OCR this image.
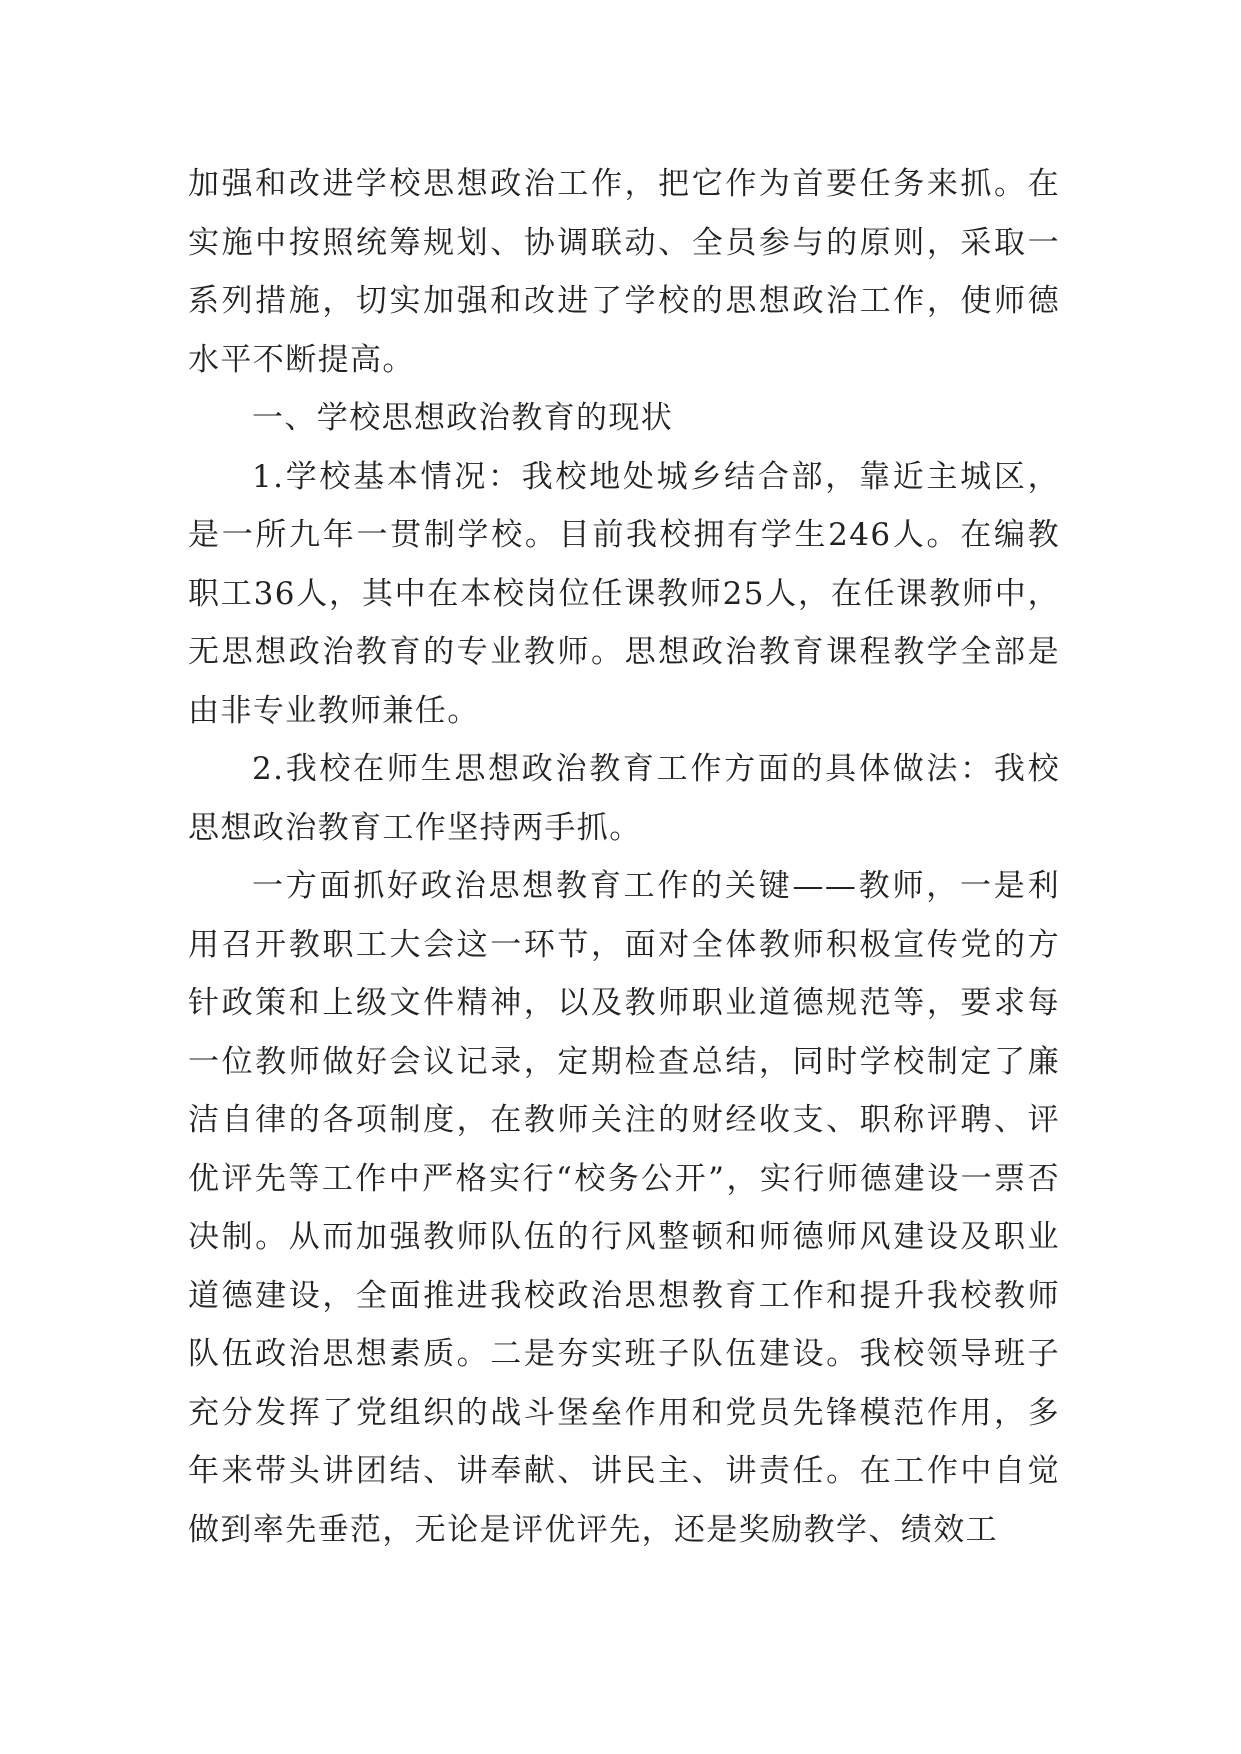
加强和改进学校思想政治工作，把它作为首要任务来抓。在实施中按照统筹规划、协调联动、全员参与的原则，采取一系列措施，切实加强和改进了学校的思想政治工作，使师德水平不断提高。

一、学校思想政治教育的现状

1.学校基本情况：我校地处城乡结合部，靠近主城区，是一所九年一贯制学校。目前我校拥有学生246人。在编教职工36人，其中在本校岗位任课教师25人，在任课教师中，无思想政治教育的专业教师。思想政治教育课程教学全部是由非专业教师兼任。

2.我校在师生思想政治教育工作方面的具体做法：我校思想政治教育工作坚持两手抓。

一方面抓好政治思想教育工作的关键——教师，一是利用召开教职工大会这一环节，面对全体教师积极宣传党的方针政策和上级文件精神，以及教师职业道德规范等，要求每一位教师做好会议记录，定期检查总结，同时学校制定了廉洁自律的各项制度，在教师关注的财经收支、职称评聘、评优评先等工作中严格实行“校务公开”，实行师德建设一票否决制。从而加强教师队伍的行风整顿和师德师风建设及职业道德建设，全面推进我校政治思想教育工作和提升我校教师队伍政治思想素质。二是夯实班子队伍建设。我校领导班子充分发挥了党组织的战斗堡垒作用和党员先锋模范作用，多年来带头讲团结、讲奉献、讲民主、讲责任。在工作中自觉做到率先垂范，无论是评优评先，还是奖励教学、绩效工
